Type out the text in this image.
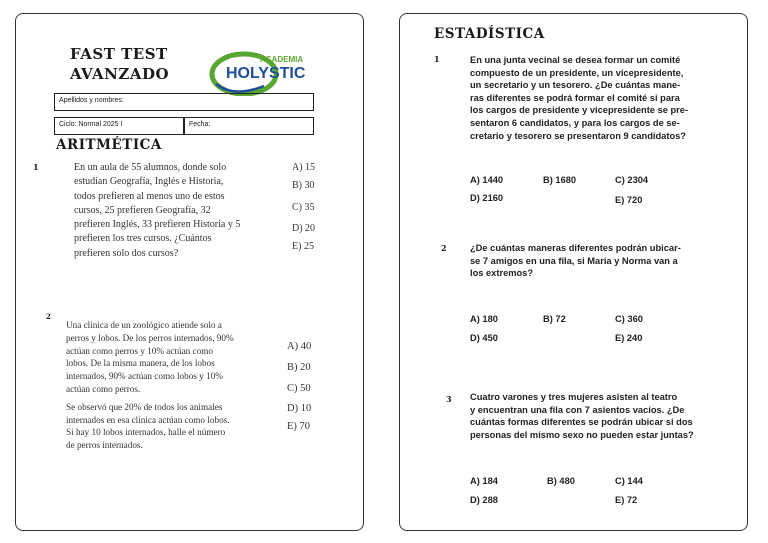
FAST TEST
AVANZADO
ACADEMIA
HOLYSTIC
Apellidos y nombres:
Ciclo: Normal 2025 I	Fecha:
ARITMÉTICA
1	En un aula de 55 alumnos, donde solo
estudian Geografía, Inglés e Historia,
todos prefieren al menos uno de estos
cursos, 25 prefieren Geografía, 32
prefieren Inglés, 33 prefieren Historia y 5
prefieren los tres cursos. ¿Cuántos
prefieren solo dos cursos?
A) 15
B) 30
C) 35
D) 20
E) 25
2
Una clínica de un zoológico atiende solo a
perros y lobos. De los perros internados, 90%
actúan como perros y 10% actúan como
lobos. De la misma manera, de los lobos
internados, 90% actúan como lobos y 10%
actúan como perros.
Se observó que 20% de todos los animales
internados en esa clínica actúan como lobos.
Si hay 10 lobos internados, halle el número
de perros internados.
A) 40
B) 20
C) 50
D) 10
E) 70
ESTADÍSTICA
1	En una junta vecinal se desea formar un comité
compuesto de un presidente, un vicepresidente,
un secretario y un tesorero. ¿De cuántas mane-
ras diferentes se podrá formar el comité si para
los cargos de presidente y vicepresidente se pre-
sentaron 6 candidatos, y para los cargos de se-
cretario y tesorero se presentaron 9 candidatos?
A) 1440	B) 1680	C) 2304
D) 2160	E) 720
2	¿De cuántas maneras diferentes podrán ubicar-
se 7 amigos en una fila, si María y Norma van a
los extremos?
A) 180	B) 72	C) 360
D) 450	E) 240
3 Cuatro varones y tres mujeres asisten al teatro
y encuentran una fila con 7 asientos vacíos. ¿De
cuántas formas diferentes se podrán ubicar si dos
personas del mismo sexo no pueden estar juntas?
A) 184	B) 480	C) 144
D) 288	E) 72
